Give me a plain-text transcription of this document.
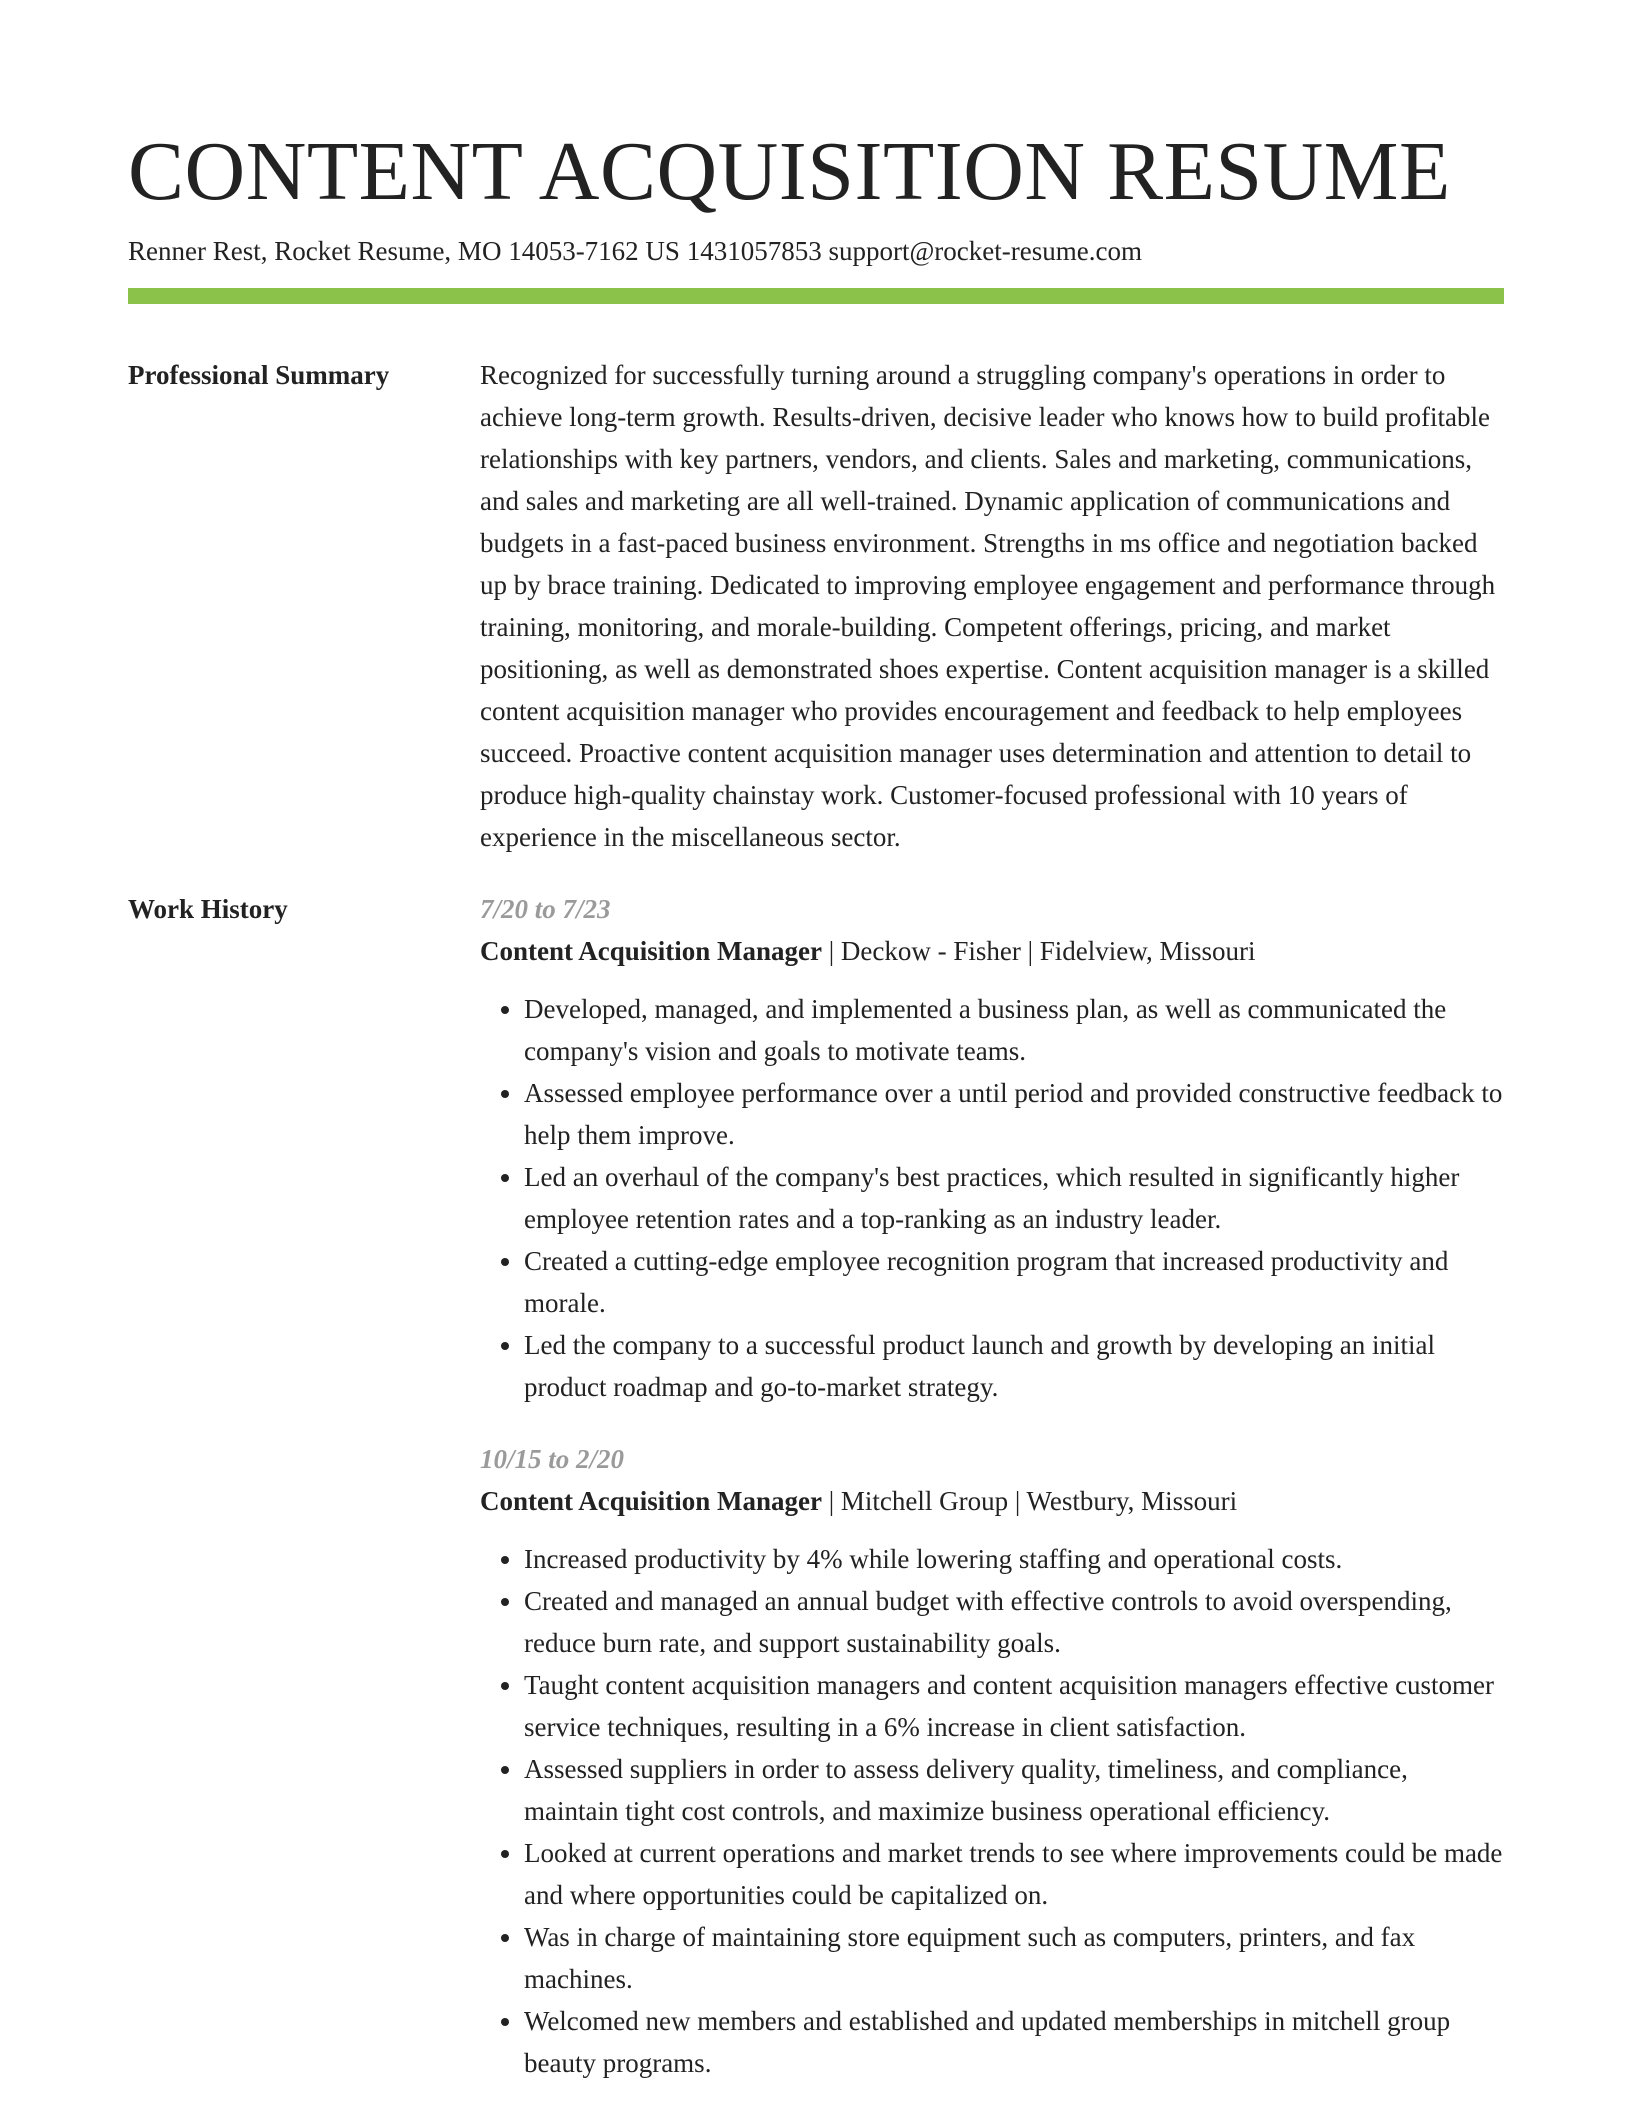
CONTENT ACQUISITION RESUME
Renner Rest, Rocket Resume, MO 14053-7162 US 1431057853 support@rocket-resume.com
Professional Summary	Recognized for successfully turning around a struggling company's operations in order to achieve long-term growth. Results-driven, decisive leader who knows how to build profitable relationships with key partners, vendors, and clients. Sales and marketing, communications, and sales and marketing are all well-trained. Dynamic application of communications and budgets in a fast-paced business environment. Strengths in ms office and negotiation backed up by brace training. Dedicated to improving employee engagement and performance through training, monitoring, and morale-building. Competent offerings, pricing, and market positioning, as well as demonstrated shoes expertise. Content acquisition manager is a skilled content acquisition manager who provides encouragement and feedback to help employees succeed. Proactive content acquisition manager uses determination and attention to detail to produce high-quality chainstay work. Customer-focused professional with 10 years of experience in the miscellaneous sector.

Work History	7/20 to 7/23
Content Acquisition Manager | Deckow - Fisher | Fidelview, Missouri
• Developed, managed, and implemented a business plan, as well as communicated the company's vision and goals to motivate teams.
• Assessed employee performance over a until period and provided constructive feedback to help them improve.
• Led an overhaul of the company's best practices, which resulted in significantly higher employee retention rates and a top-ranking as an industry leader.
• Created a cutting-edge employee recognition program that increased productivity and morale.
• Led the company to a successful product launch and growth by developing an initial product roadmap and go-to-market strategy.
10/15 to 2/20
Content Acquisition Manager | Mitchell Group | Westbury, Missouri
• Increased productivity by 4% while lowering staffing and operational costs.
• Created and managed an annual budget with effective controls to avoid overspending, reduce burn rate, and support sustainability goals.
• Taught content acquisition managers and content acquisition managers effective customer service techniques, resulting in a 6% increase in client satisfaction.
• Assessed suppliers in order to assess delivery quality, timeliness, and compliance, maintain tight cost controls, and maximize business operational efficiency.
• Looked at current operations and market trends to see where improvements could be made and where opportunities could be capitalized on.
• Was in charge of maintaining store equipment such as computers, printers, and fax machines.
• Welcomed new members and established and updated memberships in mitchell group beauty programs.
